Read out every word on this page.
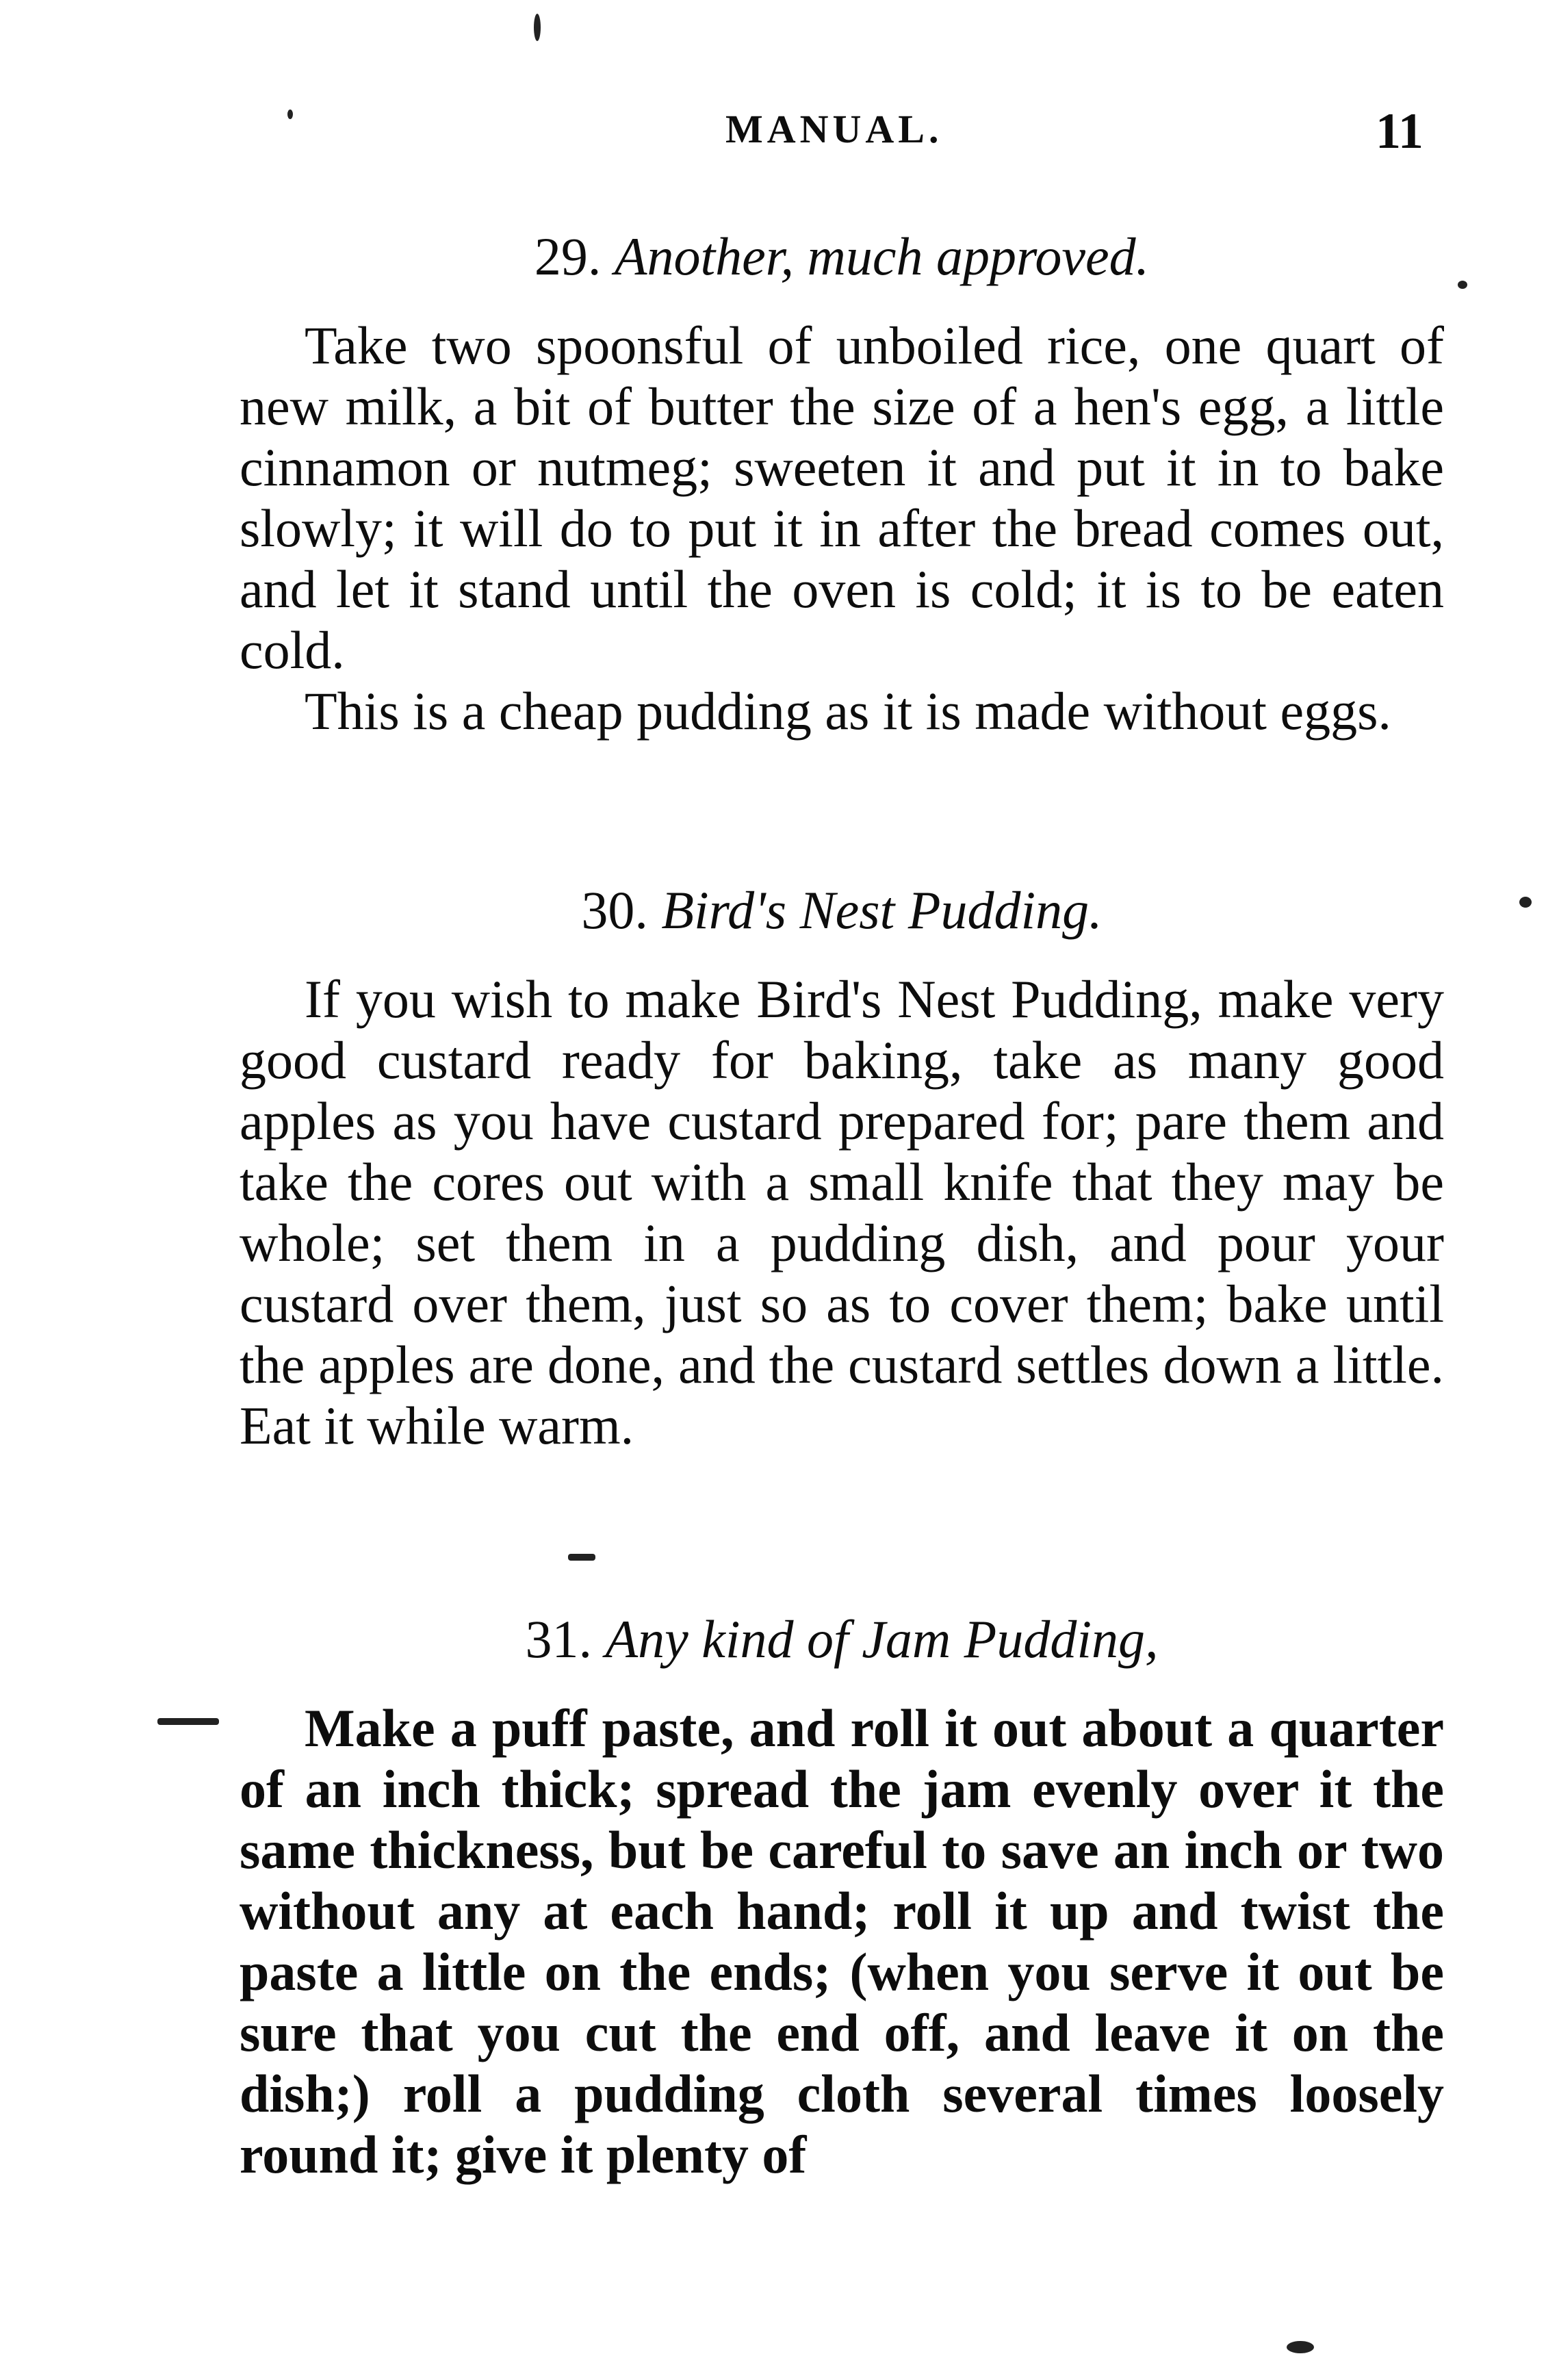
MANUAL.	11
29. Another, much approved.

Take two spoonsful of unboiled rice, one quart of new milk, a bit of butter the size of a hen's egg, a little cinnamon or nutmeg; sweeten it and put it in to bake slowly; it will do to put it in after the bread comes out, and let it stand until the oven is cold; it is to be eaten cold.

This is a cheap pudding as it is made without eggs.

30. Bird's Nest Pudding.

If you wish to make Bird's Nest Pudding, make very good custard ready for baking, take as many good apples as you have custard prepared for; pare them and take the cores out with a small knife that they may be whole; set them in a pudding dish, and pour your custard over them, just so as to cover them; bake until the apples are done, and the custard settles down a little. Eat it while warm.

31. Any kind of Jam Pudding,

Make a puff paste, and roll it out about a quarter of an inch thick; spread the jam evenly over it the same thickness, but be careful to save an inch or two without any at each hand; roll it up and twist the paste a little on the ends; (when you serve it out be sure that you cut the end off, and leave it on the dish;) roll a pudding cloth several times loosely round it; give it plenty of
